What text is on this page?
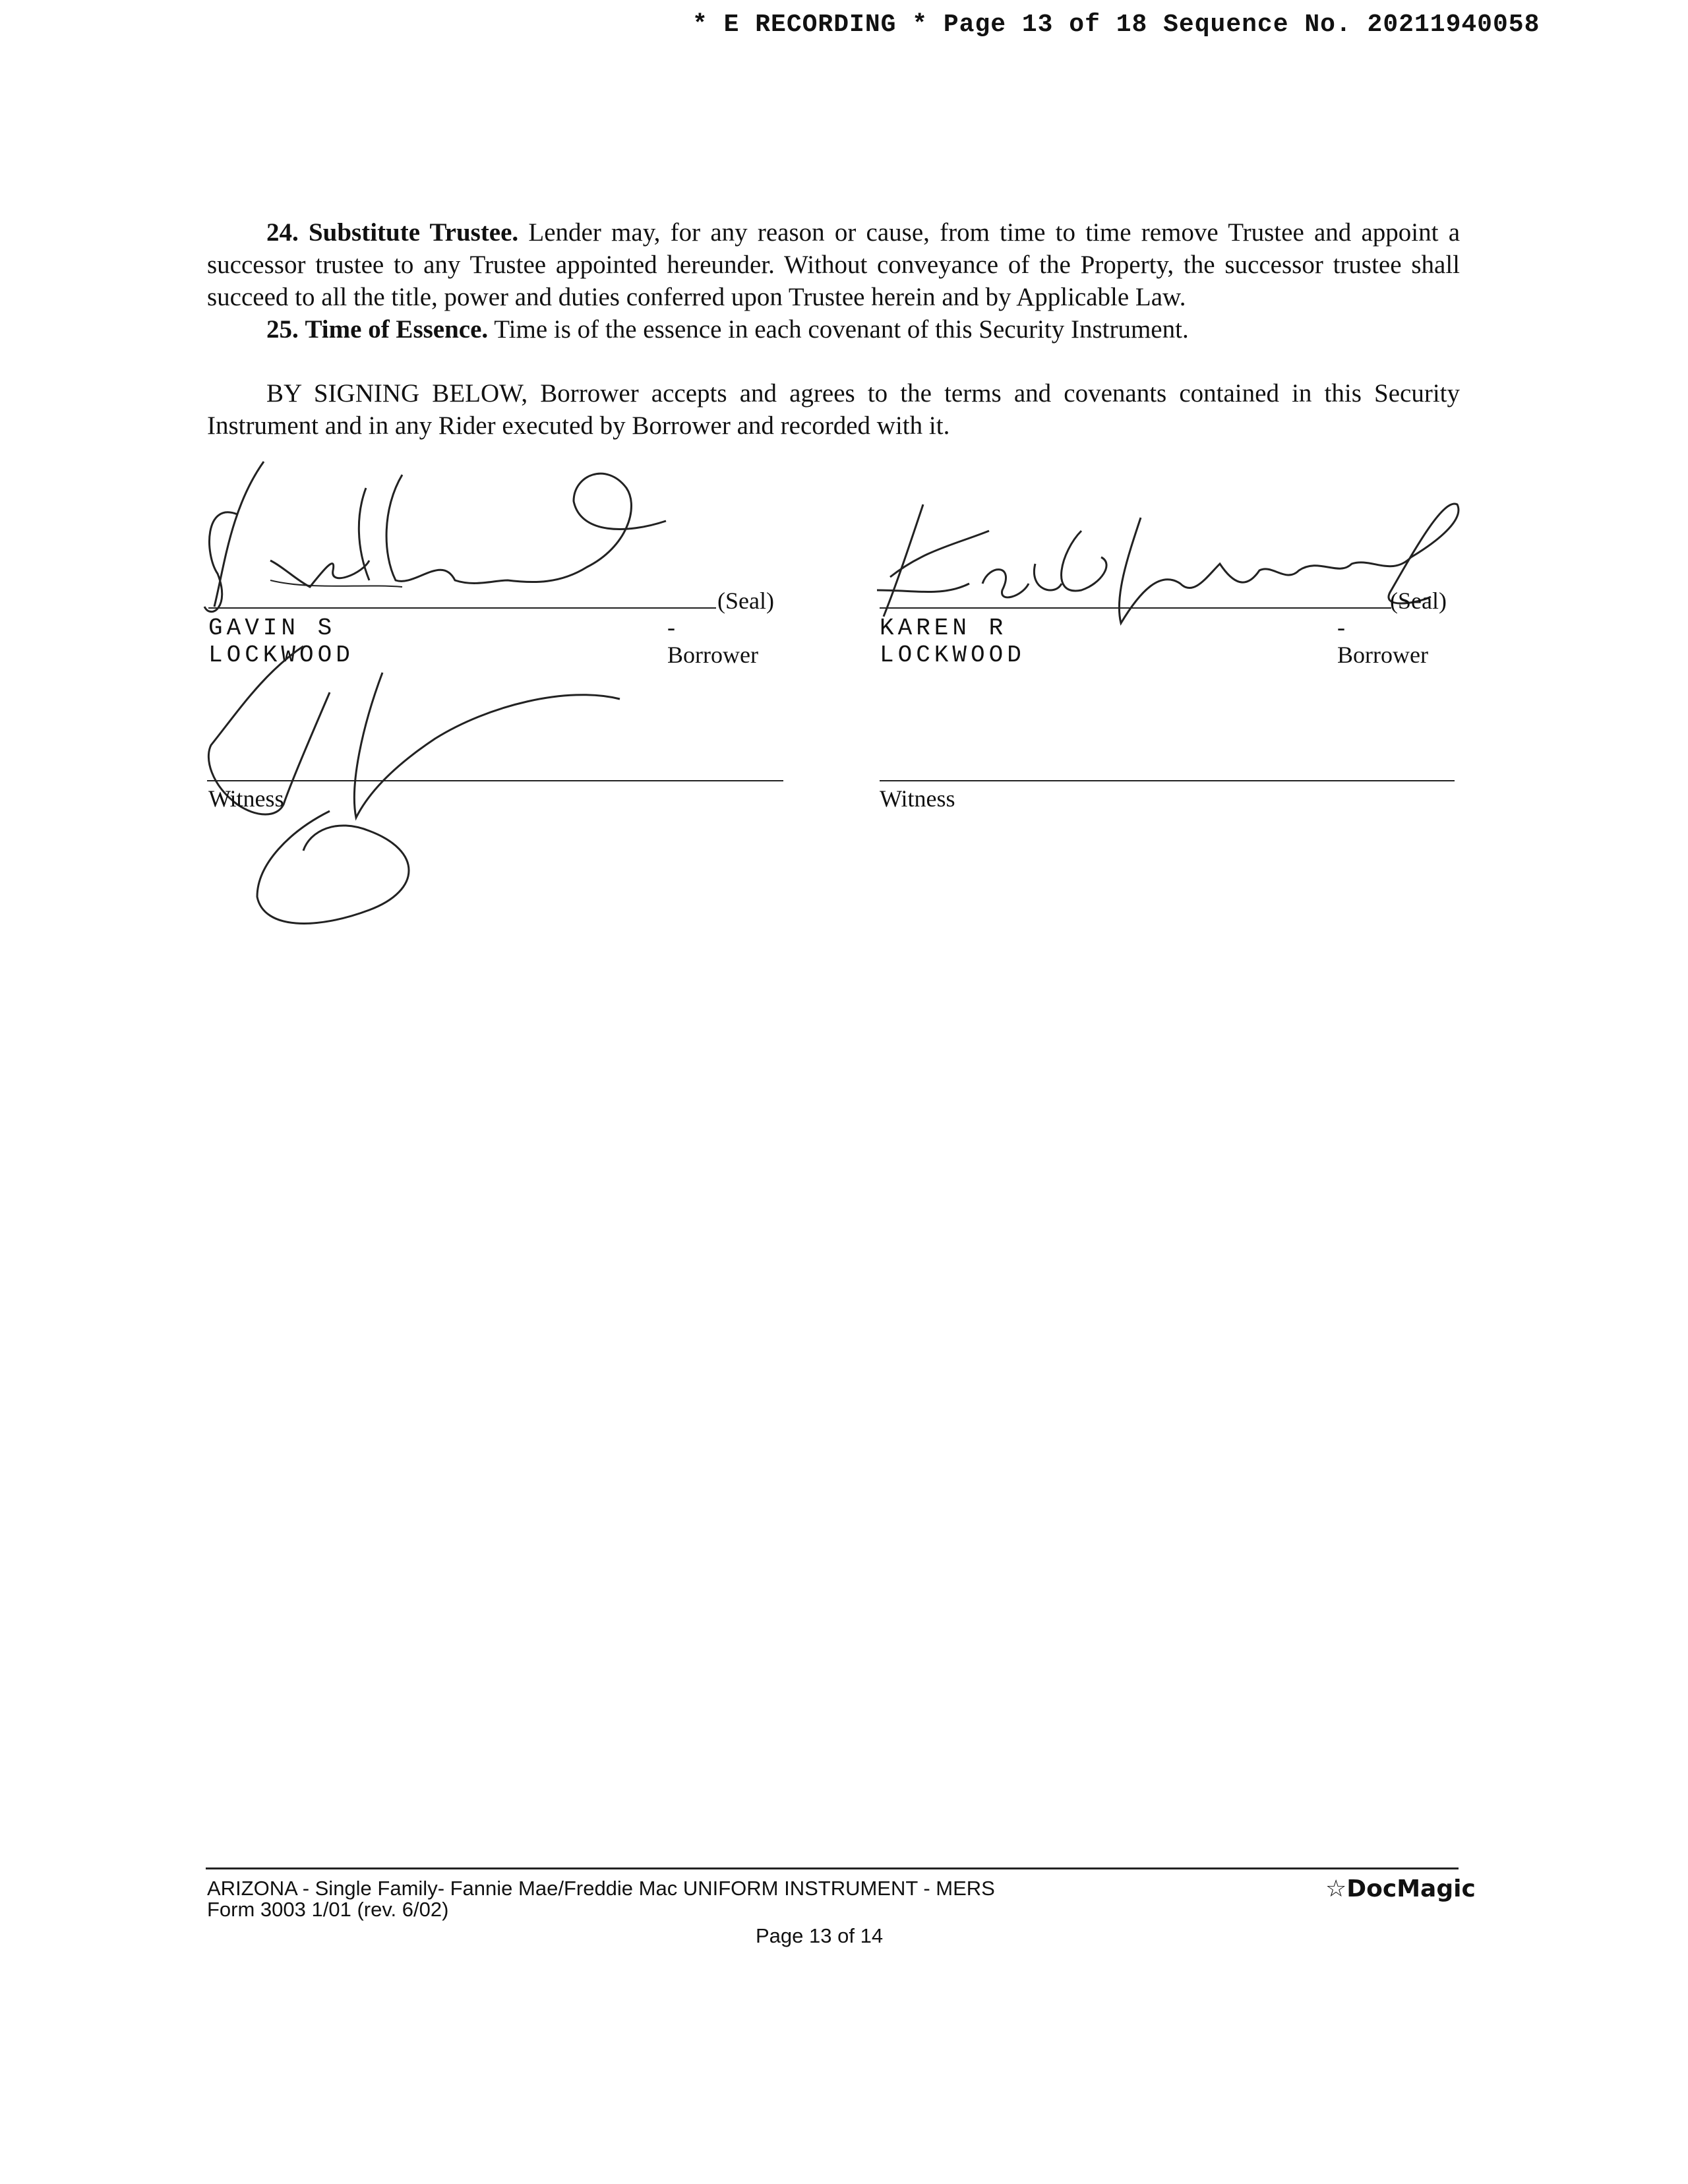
* E RECORDING * Page 13 of 18 Sequence No. 20211940058

24. Substitute Trustee. Lender may, for any reason or cause, from time to time remove Trustee and appoint a successor trustee to any Trustee appointed hereunder. Without conveyance of the Property, the successor trustee shall succeed to all the title, power and duties conferred upon Trustee herein and by Applicable Law.

25. Time of Essence. Time is of the essence in each covenant of this Security Instrument.

BY SIGNING BELOW, Borrower accepts and agrees to the terms and covenants contained in this Security Instrument and in any Rider executed by Borrower and recorded with it.

(Seal)
GAVIN S LOCKWOOD
-Borrower
(Seal)
KAREN R LOCKWOOD
-Borrower
Witness	Witness
ARIZONA - Single Family- Fannie Mae/Freddie Mac UNIFORM INSTRUMENT - MERS
Form 3003 1/01 (rev. 6/02)
Page 13 of 14
☆DocMagic
